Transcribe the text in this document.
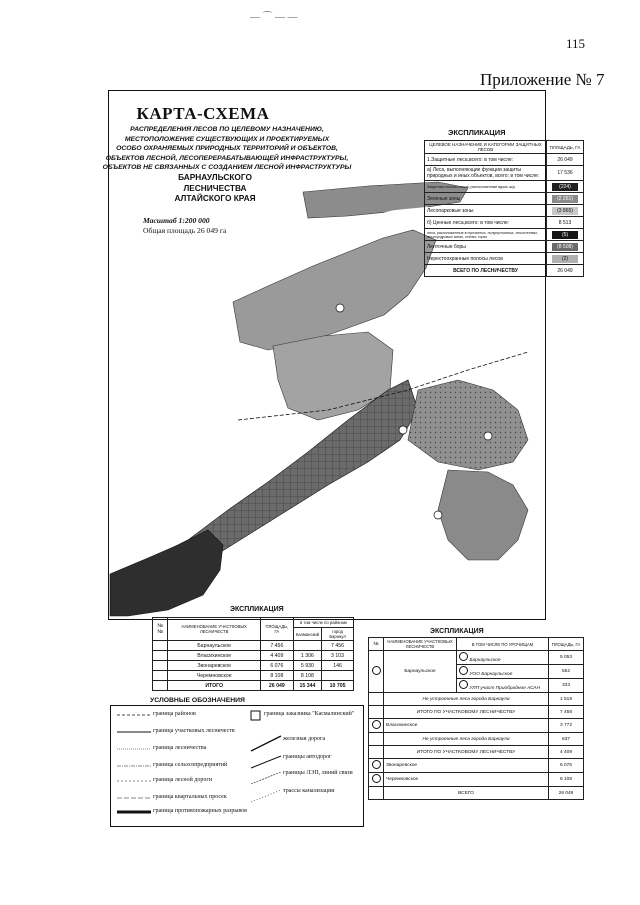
— ⌒ — —
115
Приложение № 7
КАРТА-СХЕМА
РАСПРЕДЕЛЕНИЯ ЛЕСОВ ПО ЦЕЛЕВОМУ НАЗНАЧЕНИЮ,
МЕСТОПОЛОЖЕНИЕ СУЩЕСТВУЮЩИХ И ПРОЕКТИРУЕМЫХ
ОСОБО ОХРАНЯЕМЫХ ПРИРОДНЫХ ТЕРРИТОРИЙ И ОБЪЕКТОВ,
ОБЪЕКТОВ ЛЕСНОЙ, ЛЕСОПЕРЕРАБАТЫВАЮЩЕЙ ИНФРАСТРУКТУРЫ,
ОБЪЕКТОВ НЕ СВЯЗАННЫХ С СОЗДАНИЕМ ЛЕСНОЙ ИНФРАСТРУКТУРЫ
БАРНАУЛЬСКОГО ЛЕСНИЧЕСТВА
АЛТАЙСКОГО КРАЯ
Масштаб 1:200 000
Общая площадь 26 049 га
ЭКСПЛИКАЦИЯ
ЦЕЛЕВОЕ НАЗНАЧЕНИЕ И КАТЕГОРИИ ЗАЩИТНЫХ ЛЕСОВ	ПЛОЩАДЬ, ГА
1.Защитные леса,всего: в том числе:	26 049
а) Леса, выполняющие функции защиты природных и иных объектов, всего: в том числе:	17 536
Защитные полосы лесов, расположенные вдоль ж/д	(224)
Зеленые зоны	(2 261)
Лесопарковые зоны	(3 865)
б) Ценные леса,всего: в том числе:	8 513
леса, расположенные в пустынных, полупустынных, лесостепных, лесотундровых зонах, степях, горах	(5)
Ленточные боры	(8 508)
Нерестоохранные полосы лесов	(2)
ВСЕГО ПО ЛЕСНИЧЕСТВУ	26 049
ЭКСПЛИКАЦИЯ
№№	НАИМЕНОВАНИЕ УЧАСТКОВЫХ ЛЕСНИЧЕСТВ	ПЛОЩАДЬ, ГА	в том числе по районам	
			Калманский	город Барнаул
	Барнаульское	7 456		7 456
	Власихинское	4 409	1 306	3 103
	Звонаревское	6 076	5 930	146
	Черемновское	8 108	8 108	
	ИТОГО	26 049	15 344	10 705
УСЛОВНЫЕ ОБОЗНАЧЕНИЯ
граница районов
граница участковых лесничеств
граница лесничества
граница сельхозпредприятий
граница лесной дороги
граница квартальных просек
граница противопожарных разрывов
граница заказника "Касмалинский"
железная дорога
границы автодорог
границы ЛЭП, линий связи
трассы канализации
ЭКСПЛИКАЦИЯ
№	НАИМЕНОВАНИЕ УЧАСТКОВЫХ ЛЕСНИЧЕСТВ	В ТОМ ЧИСЛЕ ПО УРОЧИЩАМ	ПЛОЩАДЬ, ГА
	Барнаульское	Барнаульское	5 053
		УОО Барнаульское	552
		УЛП участ Приобрадное АСАН	333
	Не устроенные леса города Барнаула		1 519
	ИТОГО ПО УЧАСТКОВОМУ ЛЕСНИЧЕСТВУ		7 458
	Власихинское		3 772
	Не устроенные леса города Барнаула		637
	ИТОГО ПО УЧАСТКОВОМУ ЛЕСНИЧЕСТВУ		4 409
	Звонаревское		6 076
	Черемновское		8 108
	ВСЕГО		26 049
